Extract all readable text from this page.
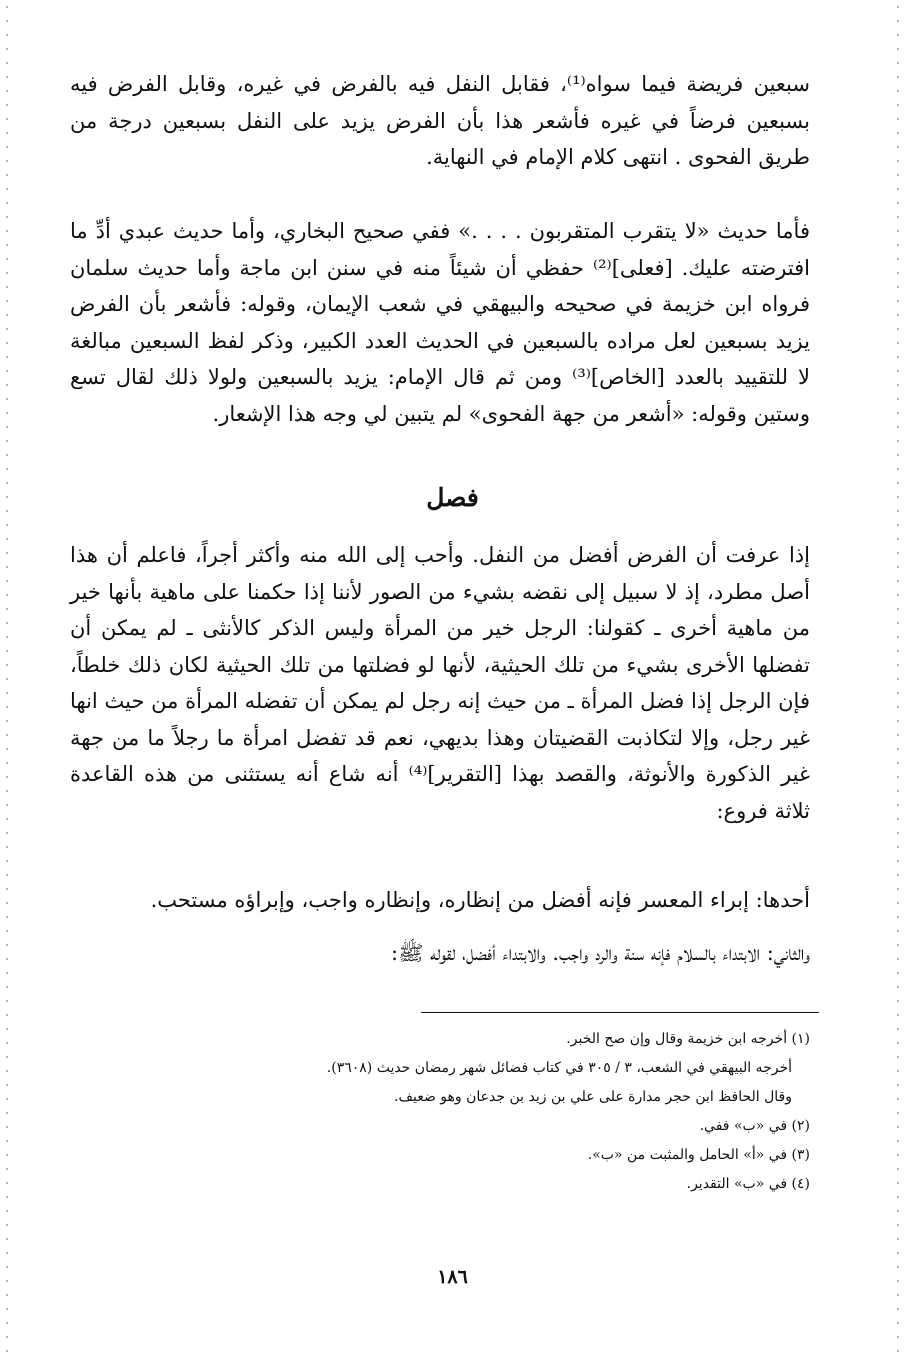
سبعين فريضة فيما سواه⁽¹⁾، فقابل النفل فيه بالفرض في غيره، وقابل الفرض فيه بسبعين فرضاً في غيره فأشعر هذا بأن الفرض يزيد على النفل بسبعين درجة من طريق الفحوى . انتهى كلام الإمام في النهاية.

فأما حديث «لا يتقرب المتقربون . . . .» ففي صحيح البخاري، وأما حديث عبدي أدِّ ما افترضته عليك. [فعلى]⁽²⁾ حفظي أن شيئاً منه في سنن ابن ماجة وأما حديث سلمان فرواه ابن خزيمة في صحيحه والبيهقي في شعب الإيمان، وقوله: فأشعر بأن الفرض يزيد بسبعين لعل مراده بالسبعين في الحديث العدد الكبير، وذكر لفظ السبعين مبالغة لا للتقييد بالعدد [الخاص]⁽³⁾ ومن ثم قال الإمام: يزيد بالسبعين ولولا ذلك لقال تسع وستين وقوله: «أشعر من جهة الفحوى» لم يتبين لي وجه هذا الإشعار.

فصل

إذا عرفت أن الفرض أفضل من النفل. وأحب إلى الله منه وأكثر أجراً، فاعلم أن هذا أصل مطرد، إذ لا سبيل إلى نقضه بشيء من الصور لأننا إذا حكمنا على ماهية بأنها خير من ماهية أخرى ـ كقولنا: الرجل خير من المرأة وليس الذكر كالأنثى ـ لم يمكن أن تفضلها الأخرى بشيء من تلك الحيثية، لأنها لو فضلتها من تلك الحيثية لكان ذلك خلطاً، فإن الرجل إذا فضل المرأة ـ من حيث إنه رجل لم يمكن أن تفضله المرأة من حيث انها غير رجل، وإلا لتكاذبت القضيتان وهذا بديهي، نعم قد تفضل امرأة ما رجلاً ما من جهة غير الذكورة والأنوثة، والقصد بهذا [التقرير]⁽⁴⁾ أنه شاع أنه يستثنى من هذه القاعدة ثلاثة فروع:

أحدها: إبراء المعسر فإنه أفضل من إنظاره، وإنظاره واجب، وإبراؤه مستحب.

والثاني: الابتداء بالسلام فإنه سنة والرد واجب. والابتداء أفضل، لقوله ﷺ:

(١) أخرجه ابن خزيمة وقال وإن صح الخبر.

أخرجه البيهقي في الشعب، ٣ / ٣٠٥ في كتاب فضائل شهر رمضان حديث (٣٦٠٨).

وقال الحافظ ابن حجر مدارة على علي بن زيد بن جدعان وهو ضعيف.

(٢) في «ب» ففي.

(٣) في «أ» الحامل والمثبت من «ب».

(٤) في «ب» التقدير.

١٨٦
